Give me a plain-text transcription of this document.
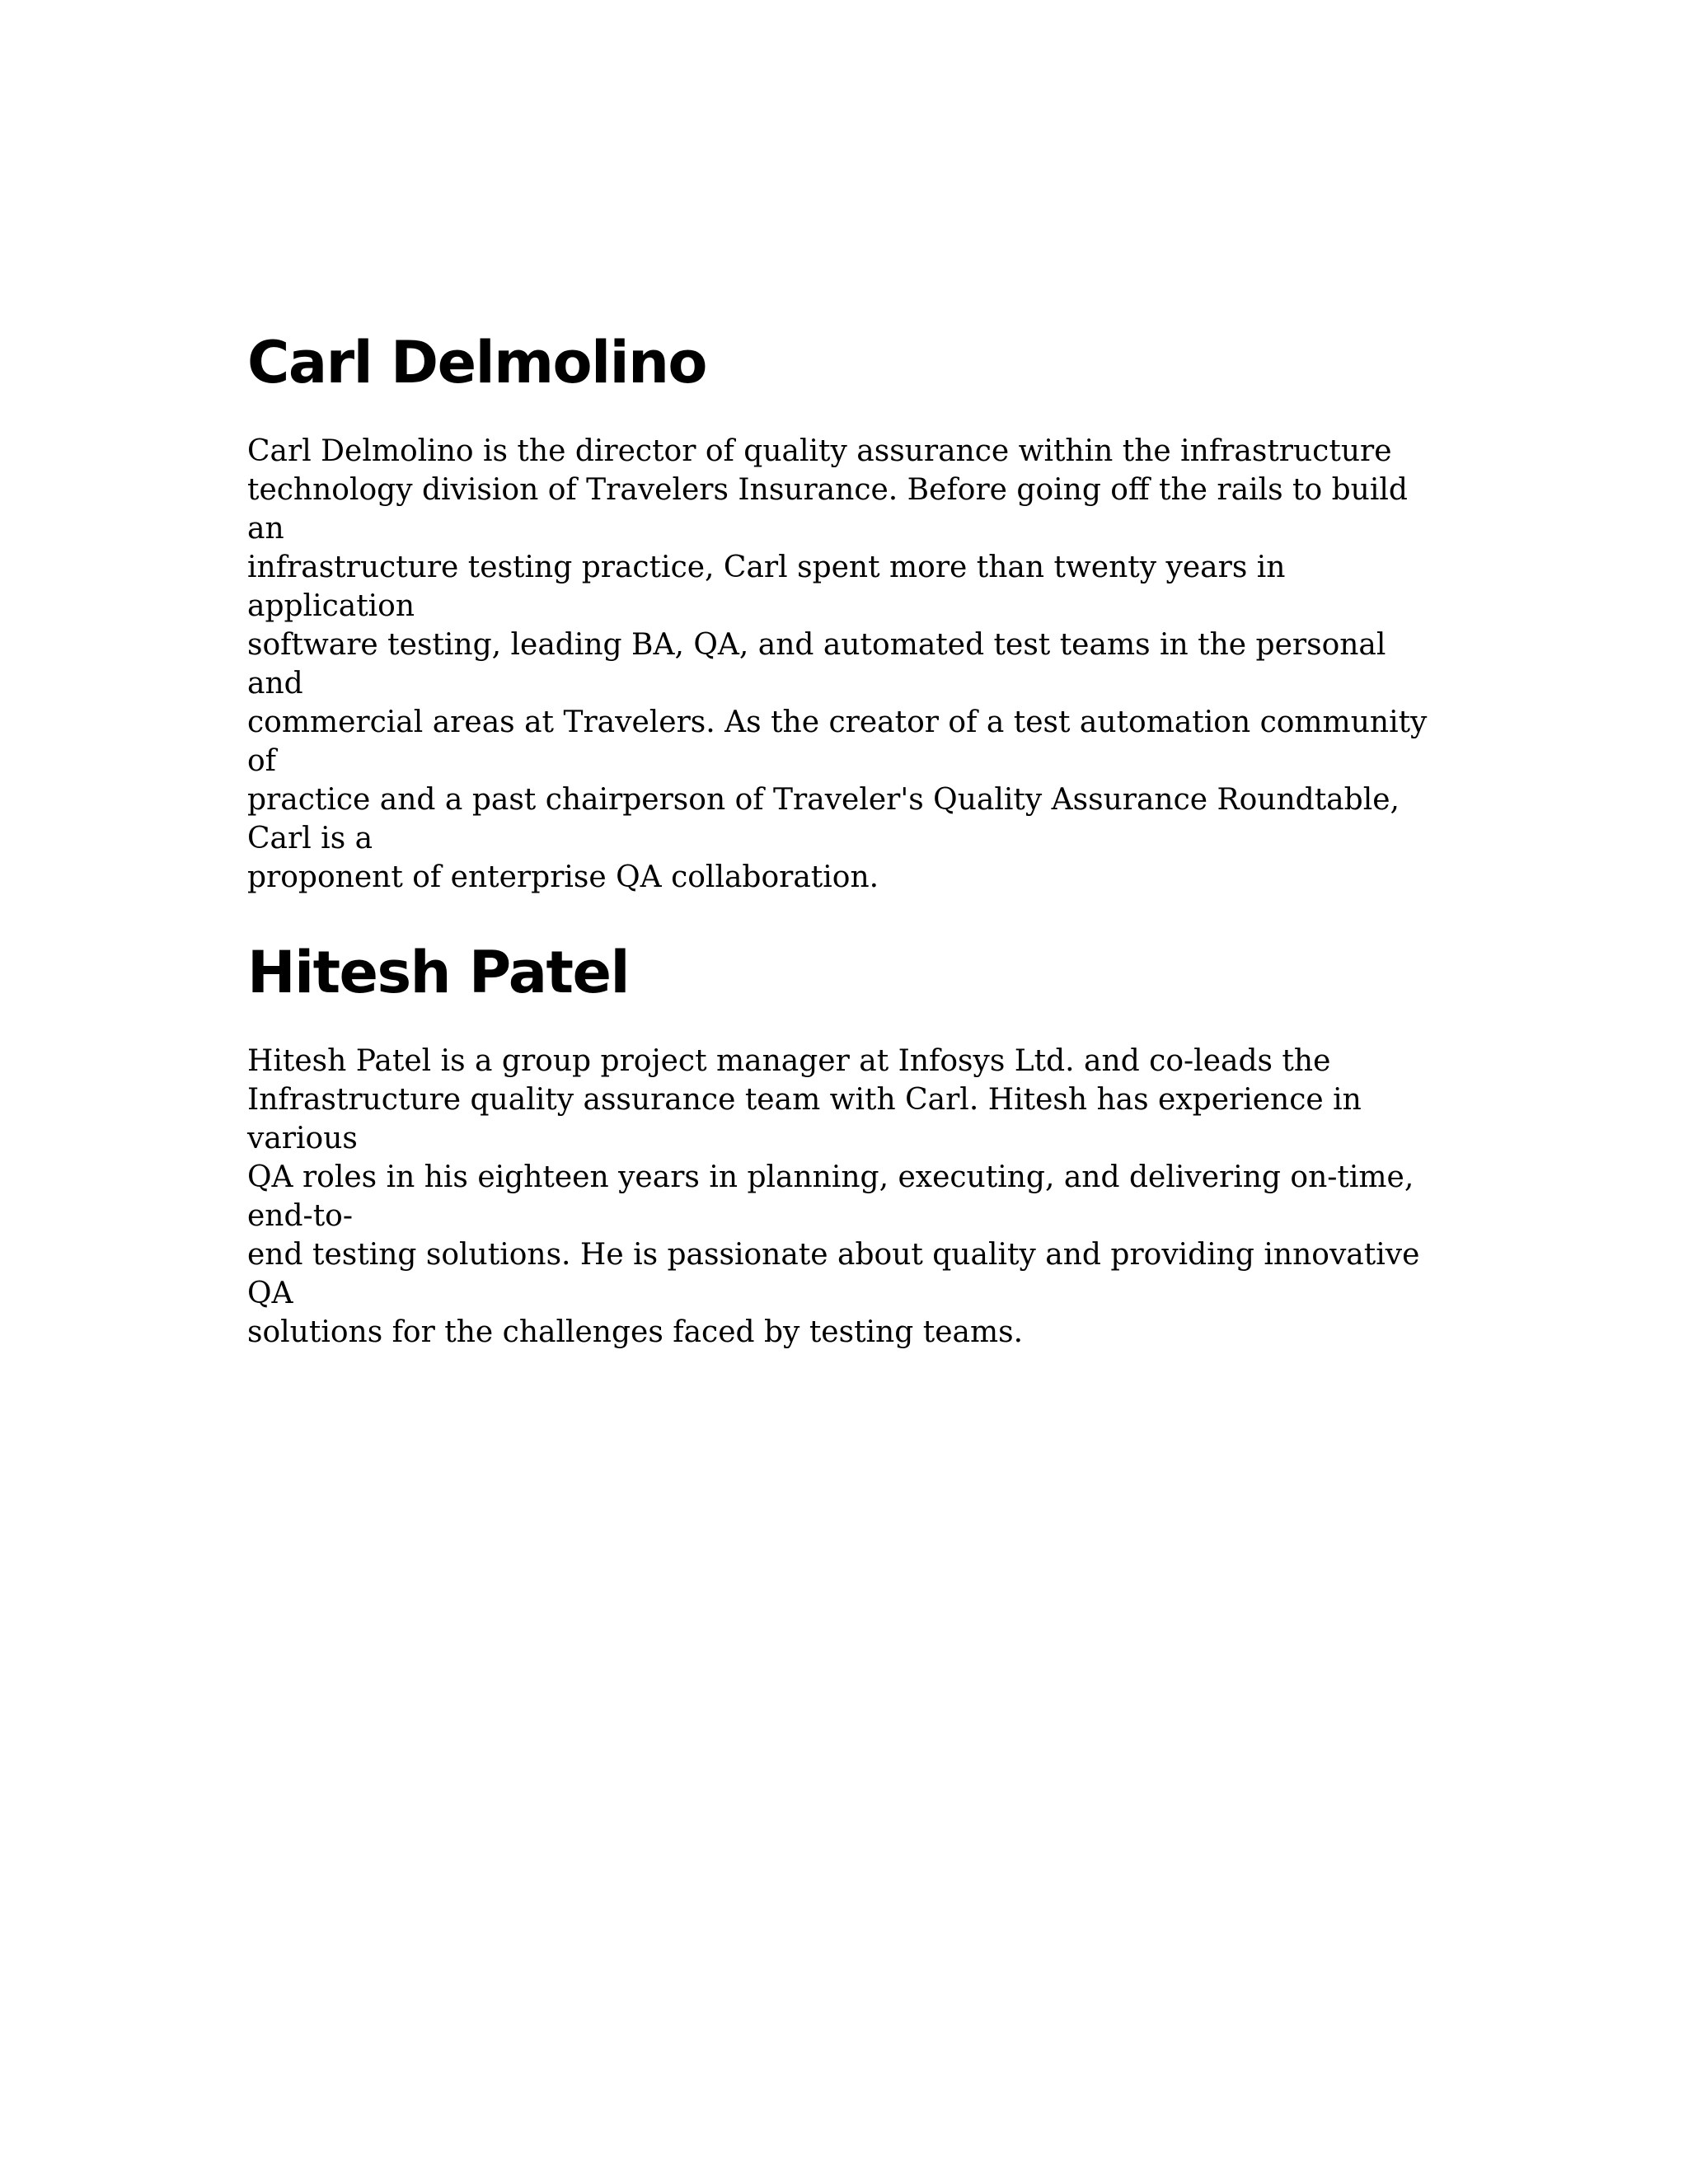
Carl Delmolino

Carl Delmolino is the director of quality assurance within the infrastructure
technology division of Travelers Insurance. Before going off the rails to build an
infrastructure testing practice, Carl spent more than twenty years in application
software testing, leading BA, QA, and automated test teams in the personal and
commercial areas at Travelers. As the creator of a test automation community of
practice and a past chairperson of Traveler's Quality Assurance Roundtable, Carl is a
proponent of enterprise QA collaboration.

Hitesh Patel

Hitesh Patel is a group project manager at Infosys Ltd. and co-leads the
Infrastructure quality assurance team with Carl. Hitesh has experience in various
QA roles in his eighteen years in planning, executing, and delivering on-time, end-to-
end testing solutions. He is passionate about quality and providing innovative QA
solutions for the challenges faced by testing teams.
